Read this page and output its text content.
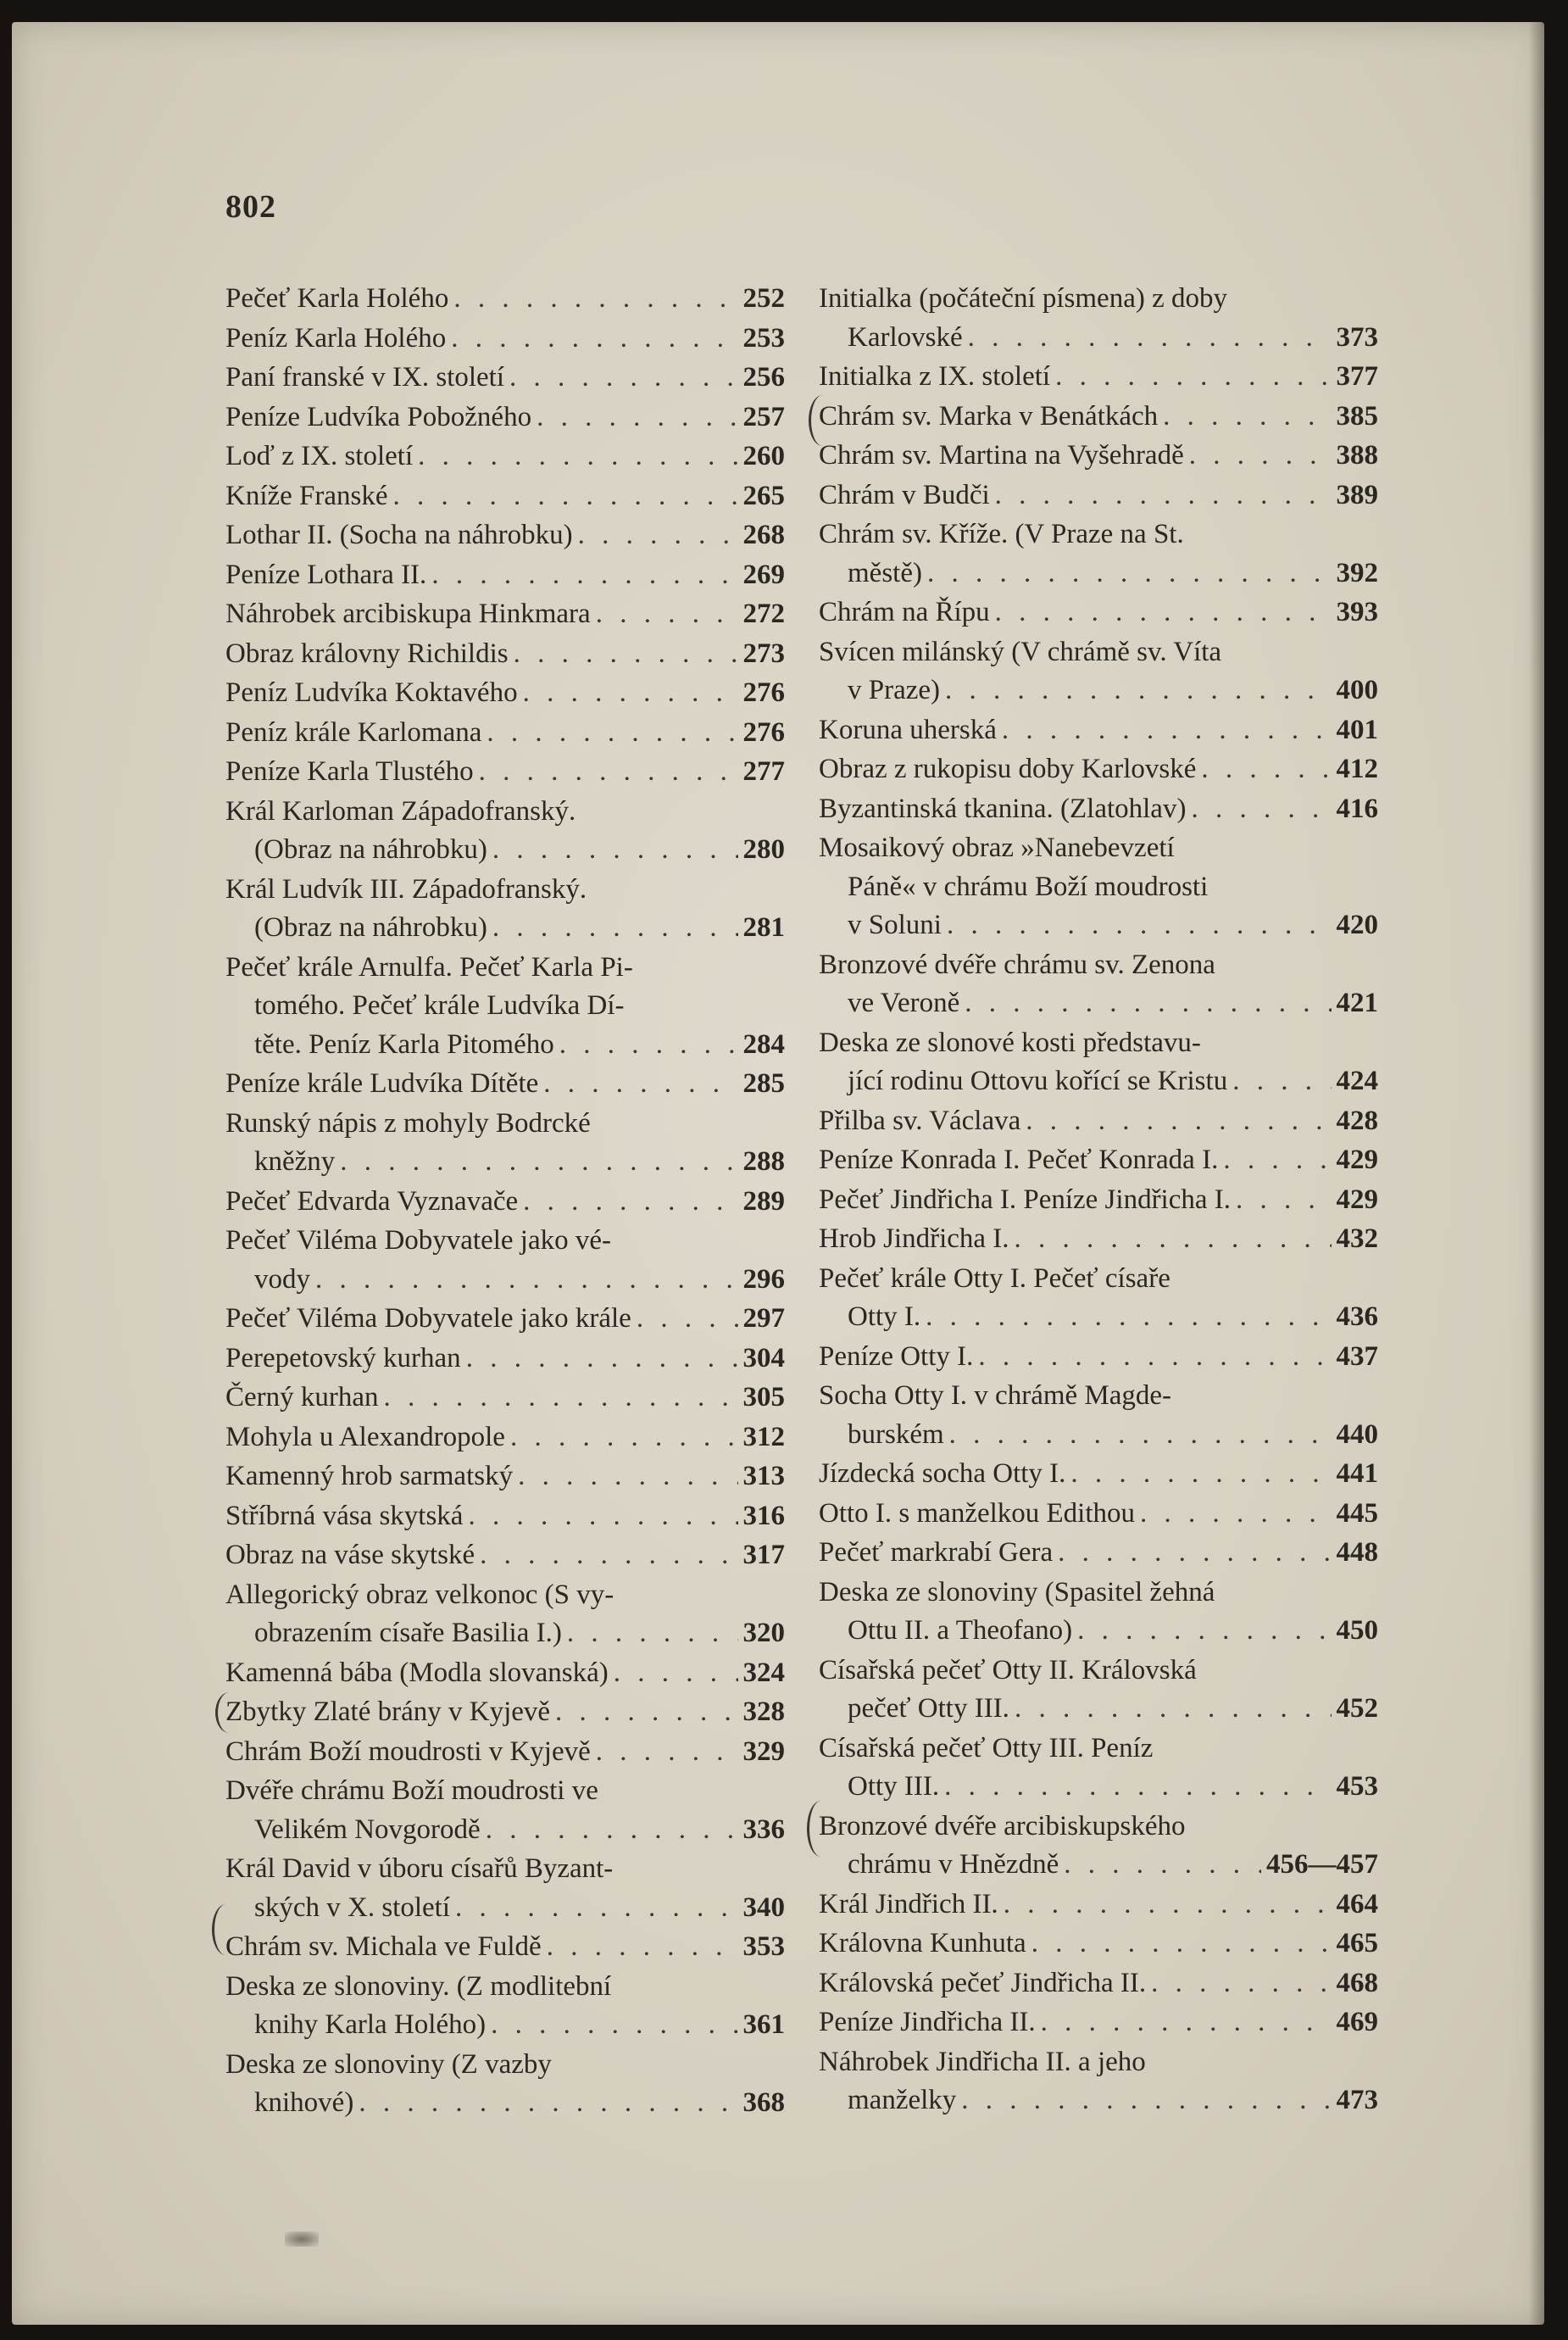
802
Pečeť Karla Holého . . .	252
Peníz Karla Holého . . .	253
Paní franské v IX. století . . .	256
Peníze Ludvíka Pobožného . . .	257
Loď z IX. století . . .	260
Kníže Franské . . .	265
Lothar II. (Socha na náhrobku) . . .	268
Peníze Lothara II. . . .	269
Náhrobek arcibiskupa Hinkmara . . .	272
Obraz královny Richildis . . .	273
Peníz Ludvíka Koktavého . . .	276
Peníz krále Karlomana . . .	276
Peníze Karla Tlustého . . .	277
Král Karloman Západofranský.
(Obraz na náhrobku) . . .	280
Král Ludvík III. Západofranský.
(Obraz na náhrobku) . . .	281
Pečeť krále Arnulfa. Pečeť Karla Pi-
tomého. Pečeť krále Ludvíka Dí-
těte. Peníz Karla Pitomého . . .	284
Peníze krále Ludvíka Dítěte . . .	285
Runský nápis z mohyly Bodrcké
kněžny . . .	288
Pečeť Edvarda Vyznavače . . .	289
Pečeť Viléma Dobyvatele jako vé-
vody . . .	296
Pečeť Viléma Dobyvatele jako krále . . .	297
Perepetovský kurhan . . .	304
Černý kurhan . . .	305
Mohyla u Alexandropole . . .	312
Kamenný hrob sarmatský . . .	313
Stříbrná vása skytská . . .	316
Obraz na váse skytské . . .	317
Allegorický obraz velkonoc (S vy-
obrazením císaře Basilia I.) . . .	320
Kamenná bába (Modla slovanská) . . .	324
Zbytky Zlaté brány v Kyjevě . . .	328
Chrám Boží moudrosti v Kyjevě . . .	329
Dvéře chrámu Boží moudrosti ve
Velikém Novgorodě . . .	336
Král David v úboru císařů Byzant-
ských v X. století . . .	340
Chrám sv. Michala ve Fuldě . . .	353
Deska ze slonoviny. (Z modlitební
knihy Karla Holého) . . .	361
Deska ze slonoviny (Z vazby
knihové) . . .	368
Initialka (počáteční písmena) z doby
Karlovské . . .	373
Initialka z IX. století . . .	377
Chrám sv. Marka v Benátkách . . .	385
Chrám sv. Martina na Vyšehradě . . .	388
Chrám v Budči . . .	389
Chrám sv. Kříže. (V Praze na St.
městě) . . .	392
Chrám na Řípu . . .	393
Svícen milánský (V chrámě sv. Víta
v Praze) . . .	400
Koruna uherská . . .	401
Obraz z rukopisu doby Karlovské . . .	412
Byzantinská tkanina. (Zlatohlav) . . .	416
Mosaikový obraz »Nanebevzetí
Páně« v chrámu Boží moudrosti
v Soluni . . .	420
Bronzové dvéře chrámu sv. Zenona
ve Veroně . . .	421
Deska ze slonové kosti představu-
jící rodinu Ottovu kořící se Kristu . . .	424
Přilba sv. Václava . . .	428
Peníze Konrada I. Pečeť Konrada I. . . .	429
Pečeť Jindřicha I. Peníze Jindřicha I. . . .	429
Hrob Jindřicha I. . . .	432
Pečeť krále Otty I. Pečeť císaře
Otty I. . . .	436
Peníze Otty I. . . .	437
Socha Otty I. v chrámě Magde-
burském . . .	440
Jízdecká socha Otty I. . . .	441
Otto I. s manželkou Edithou . . .	445
Pečeť markrabí Gera . . .	448
Deska ze slonoviny (Spasitel žehná
Ottu II. a Theofano) . . .	450
Císařská pečeť Otty II. Královská
pečeť Otty III. . . .	452
Císařská pečeť Otty III. Peníz
Otty III. . . .	453
Bronzové dvéře arcibiskupského
chrámu v Hnězdně . . .	456—457
Král Jindřich II. . . .	464
Královna Kunhuta . . .	465
Královská pečeť Jindřicha II. . . .	468
Peníze Jindřicha II. . . .	469
Náhrobek Jindřicha II. a jeho
manželky . . .	473
